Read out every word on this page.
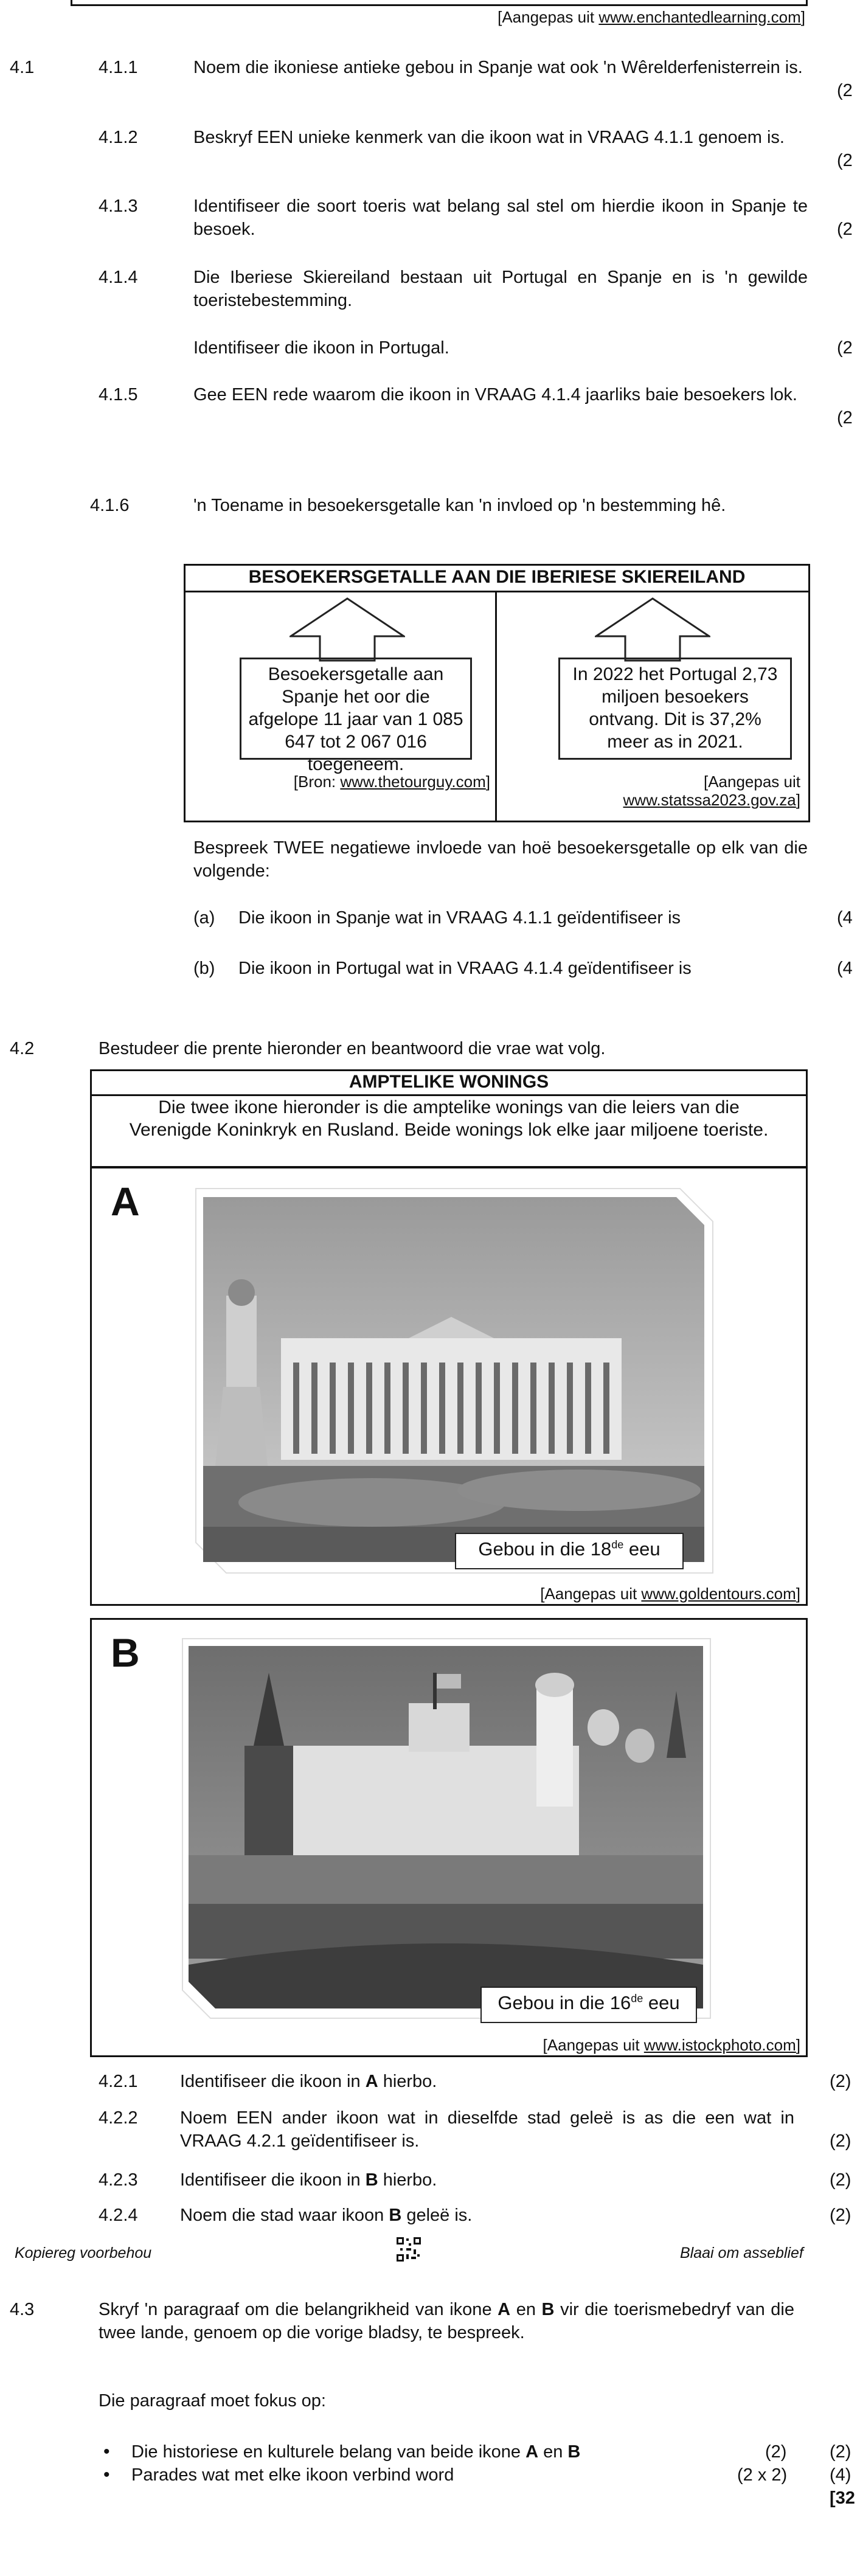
[Aangepas uit www.enchantedlearning.com]
4.1	4.1.1	Noem die ikoniese antieke gebou in Spanje wat ook 'n Wêrelderfenisterrein is.
(2
4.1.2	Beskryf EEN unieke kenmerk van die ikoon wat in VRAAG 4.1.1 genoem is.
(2
4.1.3	Identifiseer die soort toeris wat belang sal stel om hierdie ikoon in Spanje te besoek.	(2
4.1.4	Die Iberiese Skiereiland bestaan uit Portugal en Spanje en is 'n gewilde toeristebestemming.
Identifiseer die ikoon in Portugal.	(2
4.1.5	Gee EEN rede waarom die ikoon in VRAAG 4.1.4 jaarliks baie besoekers lok.
(2
4.1.6	'n Toename in besoekersgetalle kan 'n invloed op 'n bestemming hê.
BESOEKERSGETALLE AAN DIE IBERIESE SKIEREILAND
Besoekersgetalle aan Spanje het oor die afgelope 11 jaar van 1 085 647 tot 2 067 016 toegeneem.
In 2022 het Portugal 2,73 miljoen besoekers ontvang. Dit is 37,2% meer as in 2021.
[Bron: www.thetourguy.com]	[Aangepas uit
www.statssa2023.gov.za]
Bespreek TWEE negatiewe invloede van hoë besoekersgetalle op elk van die volgende:
(a) Die ikoon in Spanje wat in VRAAG 4.1.1 geïdentifiseer is	(4
(b) Die ikoon in Portugal wat in VRAAG 4.1.4 geïdentifiseer is	(4
4.2	Bestudeer die prente hieronder en beantwoord die vrae wat volg.
AMPTELIKE WONINGS
Die twee ikone hieronder is die amptelike wonings van die leiers van die Verenigde Koninkryk en Rusland. Beide wonings lok elke jaar miljoene toeriste.
A
Gebou in die 18de eeu
[Aangepas uit www.goldentours.com]
B
Gebou in die 16de eeu
[Aangepas uit www.istockphoto.com]
4.2.1 Identifiseer die ikoon in A hierbo.	(2)
4.2.2 Noem EEN ander ikoon wat in dieselfde stad geleë is as die een wat in VRAAG 4.2.1 geïdentifiseer is.	(2)
4.2.3 Identifiseer die ikoon in B hierbo.	(2)
4.2.4 Noem die stad waar ikoon B geleë is.	(2)
Kopiereg voorbehou	Blaai om asseblief
4.3	Skryf 'n paragraaf om die belangrikheid van ikone A en B vir die toerismebedryf van die twee lande, genoem op die vorige bladsy, te bespreek.
Die paragraaf moet fokus op:
• Die historiese en kulturele belang van beide ikone A en B	(2) (2)
• Parades wat met elke ikoon verbind word	(2 x 2) (4)
[32
